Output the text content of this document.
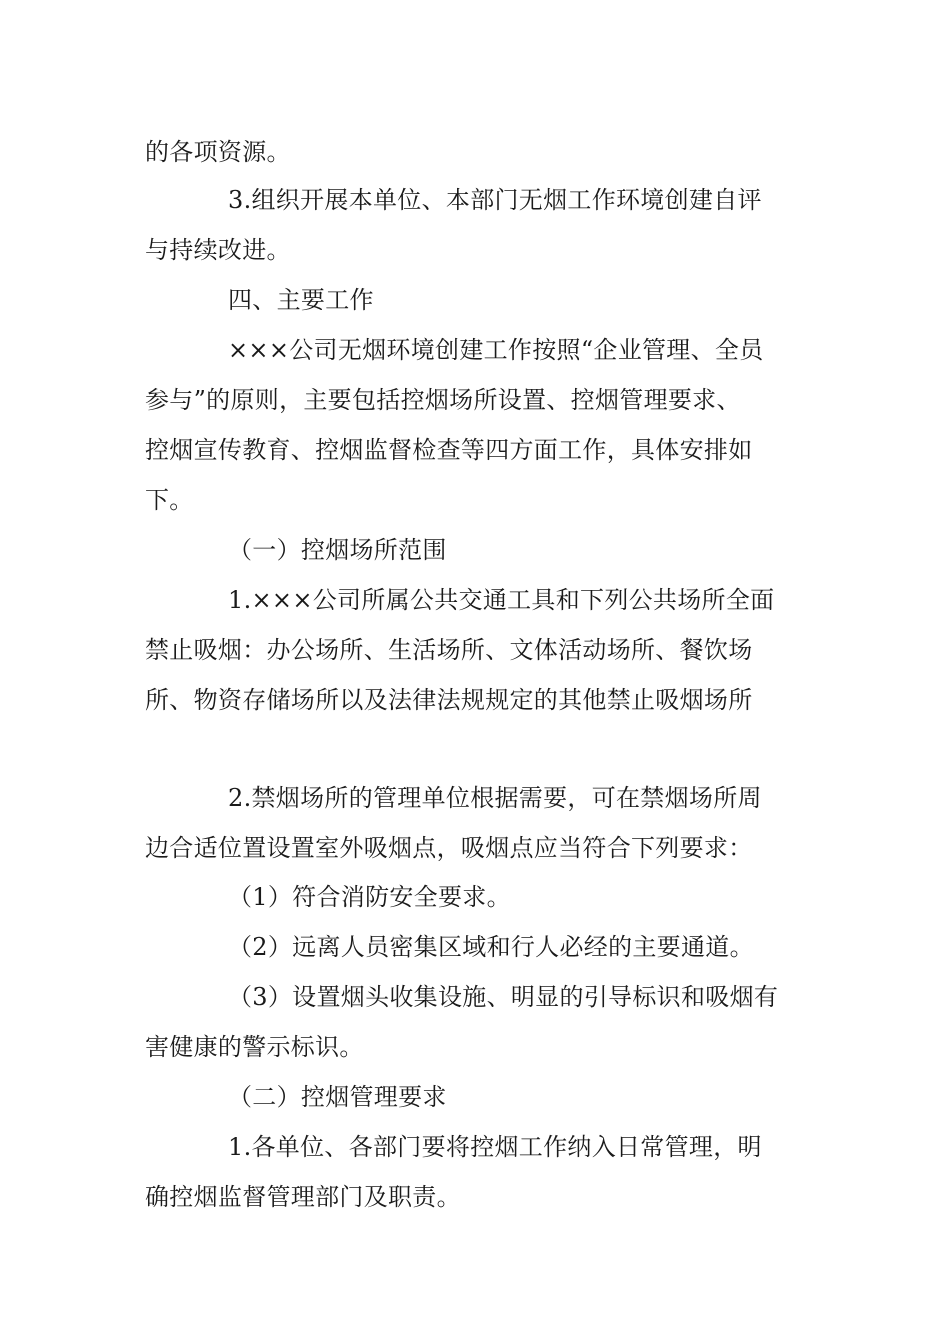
的各项资源。
3.组织开展本单位、本部门无烟工作环境创建自评
与持续改进。
四、主要工作
×××公司无烟环境创建工作按照“企业管理、全员
参与”的原则，主要包括控烟场所设置、控烟管理要求、
控烟宣传教育、控烟监督检查等四方面工作，具体安排如
下。
（一）控烟场所范围
1.×××公司所属公共交通工具和下列公共场所全面
禁止吸烟：办公场所、生活场所、文体活动场所、餐饮场
所、物资存储场所以及法律法规规定的其他禁止吸烟场所
2.禁烟场所的管理单位根据需要，可在禁烟场所周
边合适位置设置室外吸烟点，吸烟点应当符合下列要求：
（1）符合消防安全要求。
（2）远离人员密集区域和行人必经的主要通道。
（3）设置烟头收集设施、明显的引导标识和吸烟有
害健康的警示标识。
（二）控烟管理要求
1.各单位、各部门要将控烟工作纳入日常管理，明
确控烟监督管理部门及职责。
